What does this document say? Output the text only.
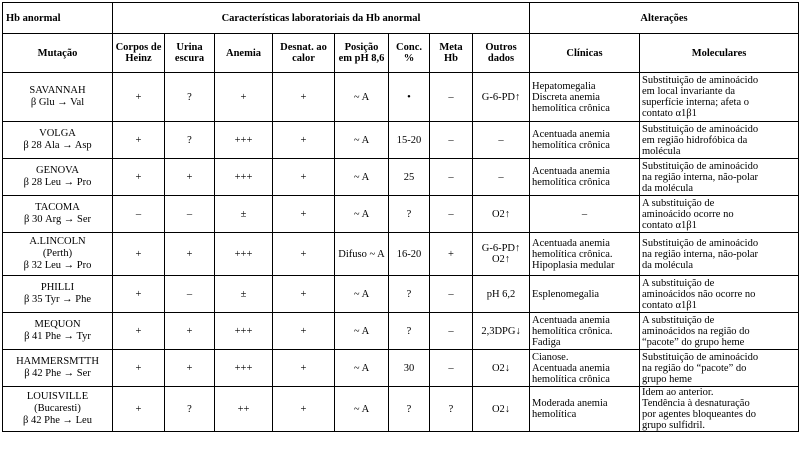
Hb anormal	Características laboratoriais da Hb anormal								Alterações	
Mutação	Corpos de Heinz	Urina escura	Anemia	Desnat. ao calor	Posição em pH 8,6	Conc. %	Meta Hb	Outros dados	Clínicas	Moleculares

SAVANNAH
β Glu → Val	+	?	+	+	~ A	•	–	G-6-PD↑	Hepatomegalia
Discreta anemia
hemolítica crônica	Substituição de aminoácido
em local invariante da
superfície interna; afeta o
contato α1β1

VOLGA
β 28 Ala → Asp	+	?	+++	+	~ A	15-20	–	–	Acentuada anemia
hemolítica crônica	Substituição de aminoácido
em região hidrofóbica da
molécula

GENOVA
β 28 Leu → Pro	+	+	+++	+	~ A	25	–	–	Acentuada anemia
hemolítica crônica	Substituição de aminoácido
na região interna, não-polar
da molécula

TACOMA
β 30 Arg → Ser	–	–	±	+	~ A	?	–	O2↑	–	A substituição de
aminoácido ocorre no
contato α1β1

A.LINCOLN
(Perth)
β 32 Leu → Pro	+	+	+++	+	Difuso ~ A	16-20	+	G-6-PD↑ O2↑	Acentuada anemia
hemolítica crônica.
Hipoplasia medular	Substituição de aminoácido
na região interna, não-polar
da molécula

PHILLI
β 35 Tyr → Phe	+	–	±	+	~ A	?	–	pH 6,2	Esplenomegalia	A substituição de
aminoácidos não ocorre no
contato α1β1

MEQUON
β 41 Phe → Tyr	+	+	+++	+	~ A	?	–	2,3DPG↓	Acentuada anemia
hemolítica crônica.
Fadiga	A substituição de
aminoácidos na região do
“pacote” do grupo heme

HAMMERSMTTH
β 42 Phe → Ser	+	+	+++	+	~ A	30	–	O2↓	Cianose.
Acentuada anemia
hemolítica crônica	Substituição de aminoácido
na região do “pacote” do
grupo heme

LOUISVILLE
(Bucaresti)
β 42 Phe → Leu	+	?	++	+	~ A	?	?	O2↓	Moderada anemia
hemolítica	Idem ao anterior.
Tendência à desnaturação
por agentes bloqueantes do
grupo sulfidril.
